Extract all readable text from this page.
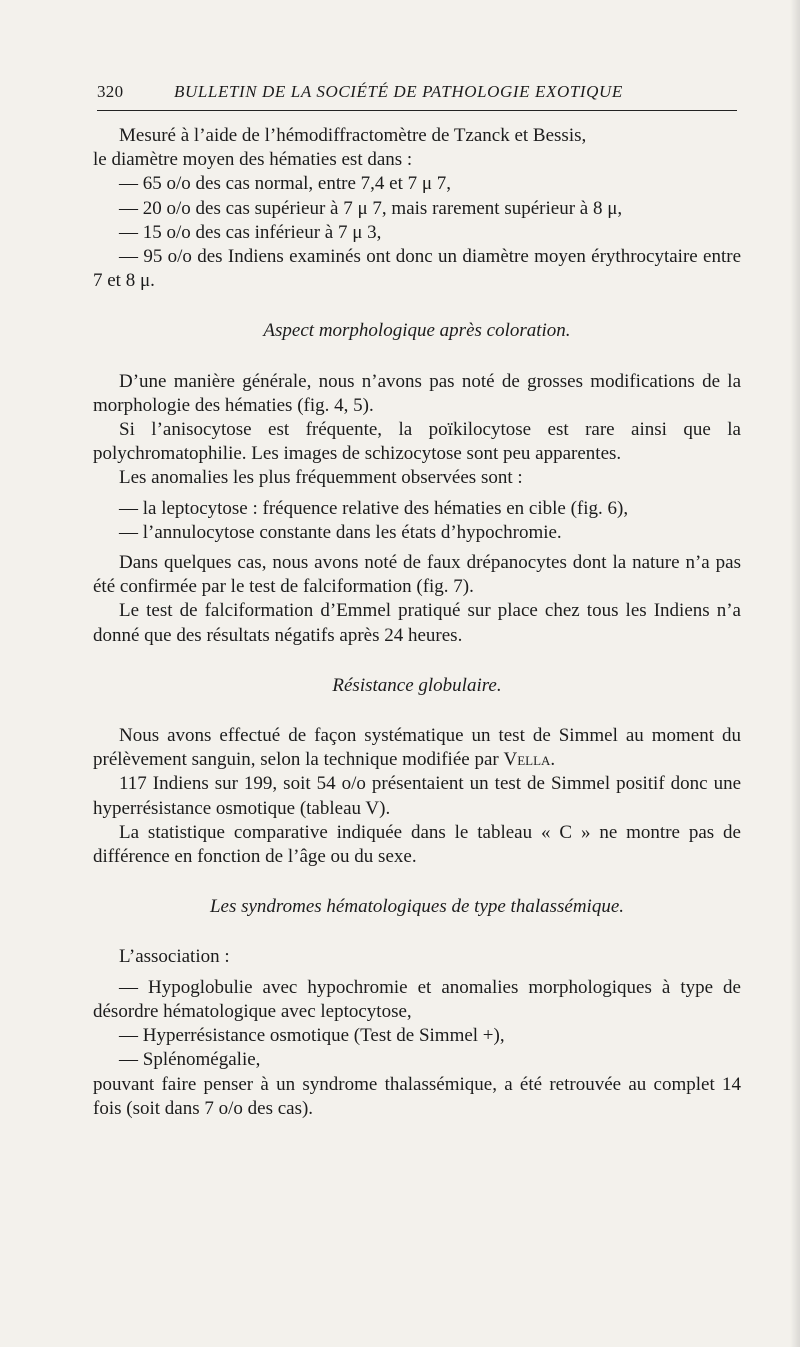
320	BULLETIN DE LA SOCIÉTÉ DE PATHOLOGIE EXOTIQUE

Mesuré à l’aide de l’hémodiffractomètre de Tzanck et Bessis,

le diamètre moyen des hématies est dans :

— 65 o/o des cas normal, entre 7,4 et 7 μ 7,

— 20 o/o des cas supérieur à 7 μ 7, mais rarement supérieur à 8 μ,

— 15 o/o des cas inférieur à 7 μ 3,

— 95 o/o des Indiens examinés ont donc un diamètre moyen érythrocytaire entre 7 et 8 μ.

Aspect morphologique après coloration.

D’une manière générale, nous n’avons pas noté de grosses modifications de la morphologie des hématies (fig. 4, 5).

Si l’anisocytose est fréquente, la poïkilocytose est rare ainsi que la polychromatophilie. Les images de schizocytose sont peu apparentes.

Les anomalies les plus fréquemment observées sont :

— la leptocytose : fréquence relative des hématies en cible (fig. 6),

— l’annulocytose constante dans les états d’hypochromie.

Dans quelques cas, nous avons noté de faux drépanocytes dont la nature n’a pas été confirmée par le test de falciformation (fig. 7).

Le test de falciformation d’Emmel pratiqué sur place chez tous les Indiens n’a donné que des résultats négatifs après 24 heures.

Résistance globulaire.

Nous avons effectué de façon systématique un test de Simmel au moment du prélèvement sanguin, selon la technique modifiée par Vella.

117 Indiens sur 199, soit 54 o/o présentaient un test de Simmel positif donc une hyperrésistance osmotique (tableau V).

La statistique comparative indiquée dans le tableau « C » ne montre pas de différence en fonction de l’âge ou du sexe.

Les syndromes hématologiques de type thalassémique.

L’association :

— Hypoglobulie avec hypochromie et anomalies morphologiques à type de désordre hématologique avec leptocytose,

— Hyperrésistance osmotique (Test de Simmel +),

— Splénomégalie,

pouvant faire penser à un syndrome thalassémique, a été retrouvée au complet 14 fois (soit dans 7 o/o des cas).
